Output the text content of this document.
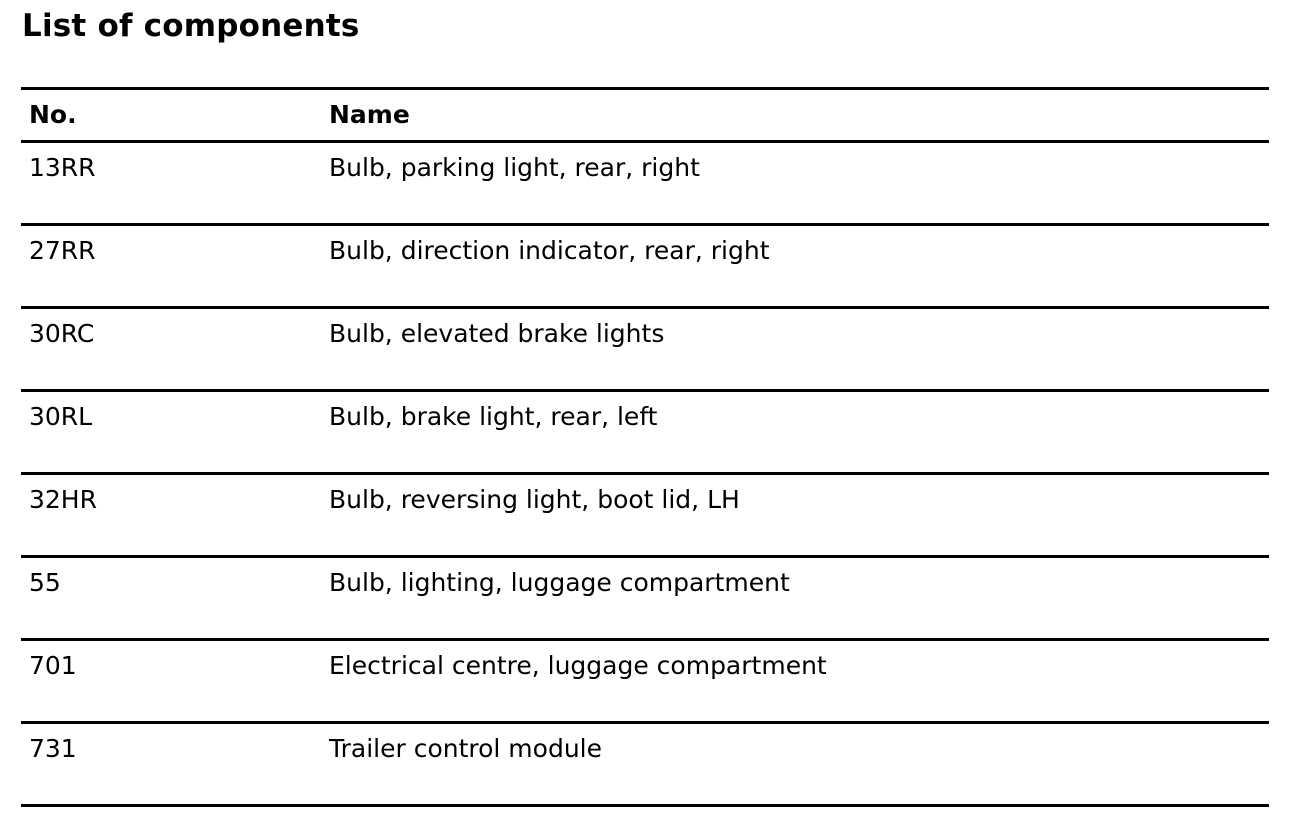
List of components
No.	Name
13RR	Bulb, parking light, rear, right
27RR	Bulb, direction indicator, rear, right
30RC	Bulb, elevated brake lights
30RL	Bulb, brake light, rear, left
32HR	Bulb, reversing light, boot lid, LH
55	Bulb, lighting, luggage compartment
701	Electrical centre, luggage compartment
731	Trailer control module
